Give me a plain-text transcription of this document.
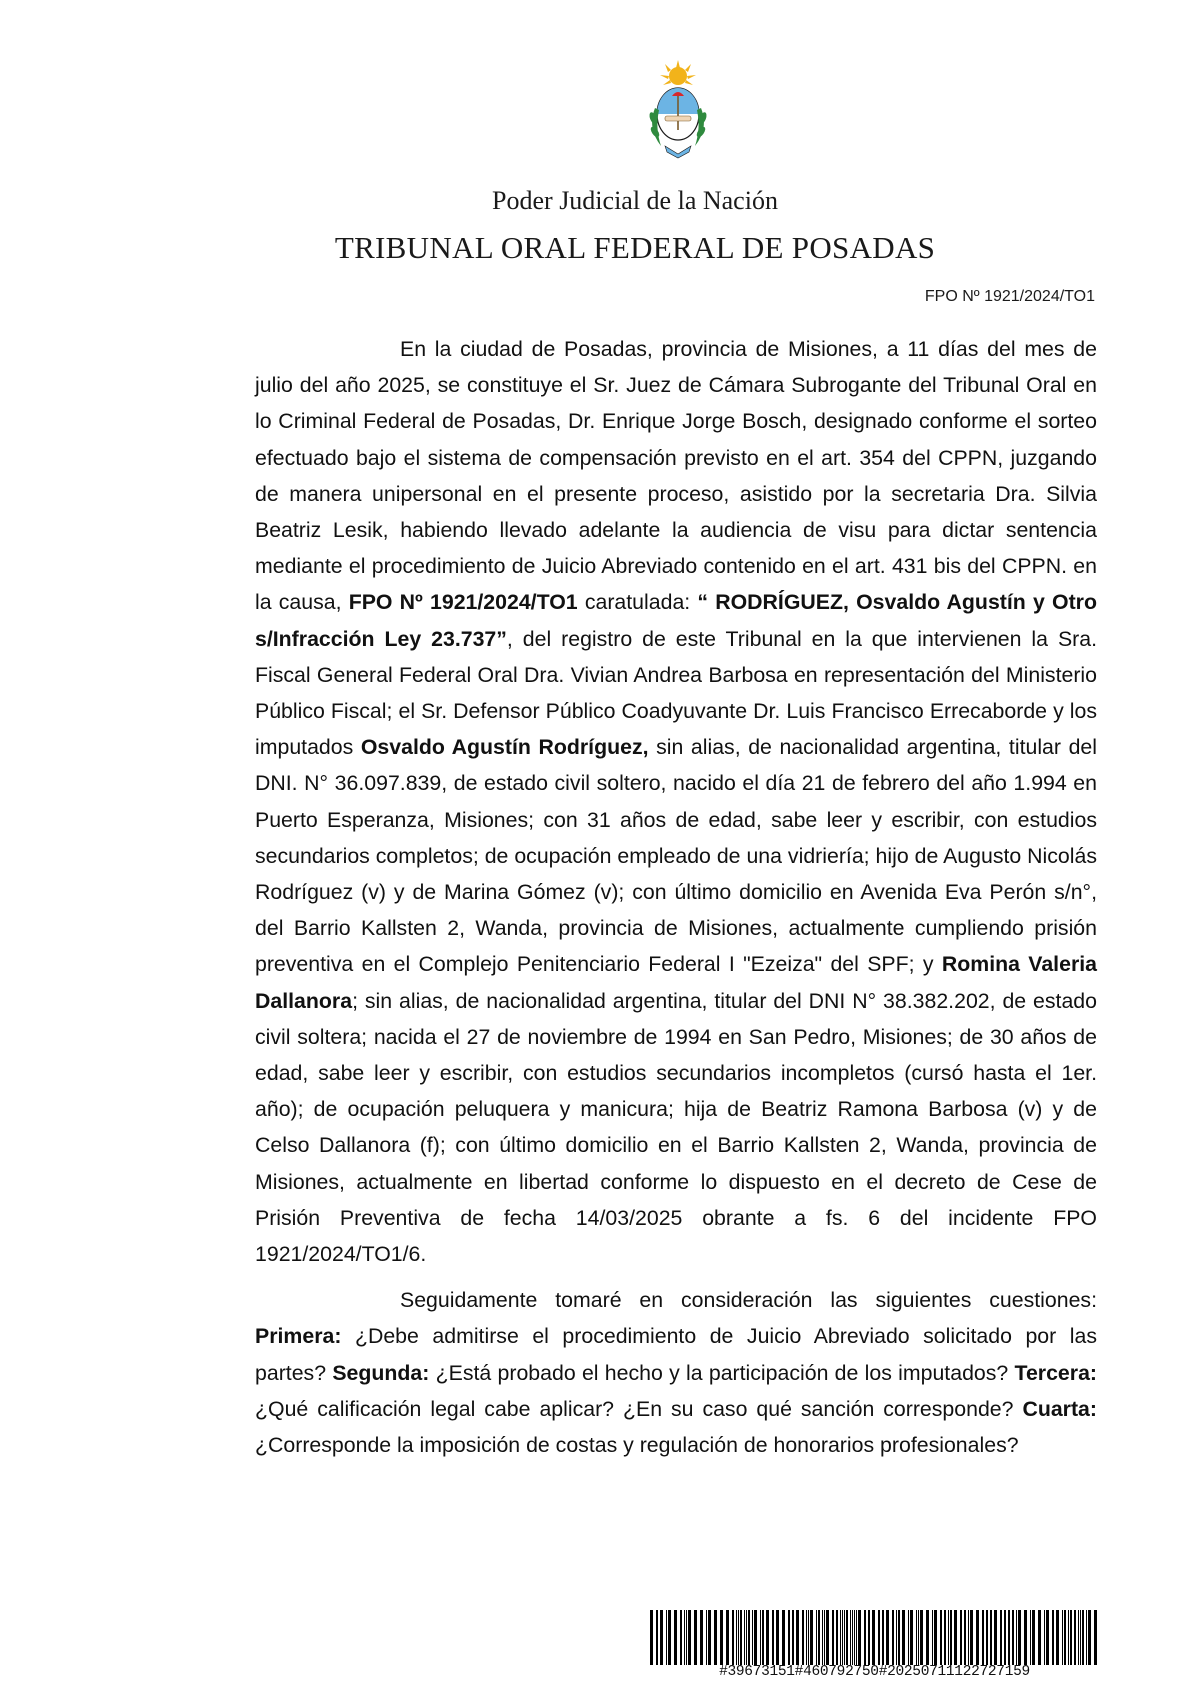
Poder Judicial de la Nación
TRIBUNAL ORAL FEDERAL DE POSADAS
FPO Nº 1921/2024/TO1

En la ciudad de Posadas, provincia de Misiones, a 11 días del mes de julio del año 2025, se constituye el Sr. Juez de Cámara Subrogante del Tribunal Oral en lo Criminal Federal de Posadas, Dr. Enrique Jorge Bosch, designado conforme el sorteo efectuado bajo el sistema de compensación previsto en el art. 354 del CPPN, juzgando de manera unipersonal en el presente proceso, asistido por la secretaria Dra. Silvia Beatriz Lesik, habiendo llevado adelante la audiencia de visu para dictar sentencia mediante el procedimiento de Juicio Abreviado contenido en el art. 431 bis del CPPN. en la causa, FPO Nº 1921/2024/TO1 caratulada: “ RODRÍGUEZ, Osvaldo Agustín y Otro s/Infracción Ley 23.737”, del registro de este Tribunal en la que intervienen la Sra. Fiscal General Federal Oral Dra. Vivian Andrea Barbosa en representación del Ministerio Público Fiscal; el Sr. Defensor Público Coadyuvante Dr. Luis Francisco Errecaborde y los imputados Osvaldo Agustín Rodríguez, sin alias, de nacionalidad argentina, titular del DNI. N° 36.097.839, de estado civil soltero, nacido el día 21 de febrero del año 1.994 en Puerto Esperanza, Misiones; con 31 años de edad, sabe leer y escribir, con estudios secundarios completos; de ocupación empleado de una vidriería; hijo de Augusto Nicolás Rodríguez (v) y de Marina Gómez (v); con último domicilio en Avenida Eva Perón s/n°, del Barrio Kallsten 2, Wanda, provincia de Misiones, actualmente cumpliendo prisión preventiva en el Complejo Penitenciario Federal I "Ezeiza" del SPF; y Romina Valeria Dallanora; sin alias, de nacionalidad argentina, titular del DNI N° 38.382.202, de estado civil soltera; nacida el 27 de noviembre de 1994 en San Pedro, Misiones; de 30 años de edad, sabe leer y escribir, con estudios secundarios incompletos (cursó hasta el 1er. año); de ocupación peluquera y manicura; hija de Beatriz Ramona Barbosa (v) y de Celso Dallanora (f); con último domicilio en el Barrio Kallsten 2, Wanda, provincia de Misiones, actualmente en libertad conforme lo dispuesto en el decreto de Cese de Prisión Preventiva de fecha 14/03/2025 obrante a fs. 6 del incidente FPO 1921/2024/TO1/6.

Seguidamente tomaré en consideración las siguientes cuestiones: Primera: ¿Debe admitirse el procedimiento de Juicio Abreviado solicitado por las partes? Segunda: ¿Está probado el hecho y la participación de los imputados? Tercera: ¿Qué calificación legal cabe aplicar? ¿En su caso qué sanción corresponde? Cuarta: ¿Corresponde la imposición de costas y regulación de honorarios profesionales?

#39673151#460792750#20250711122727159
